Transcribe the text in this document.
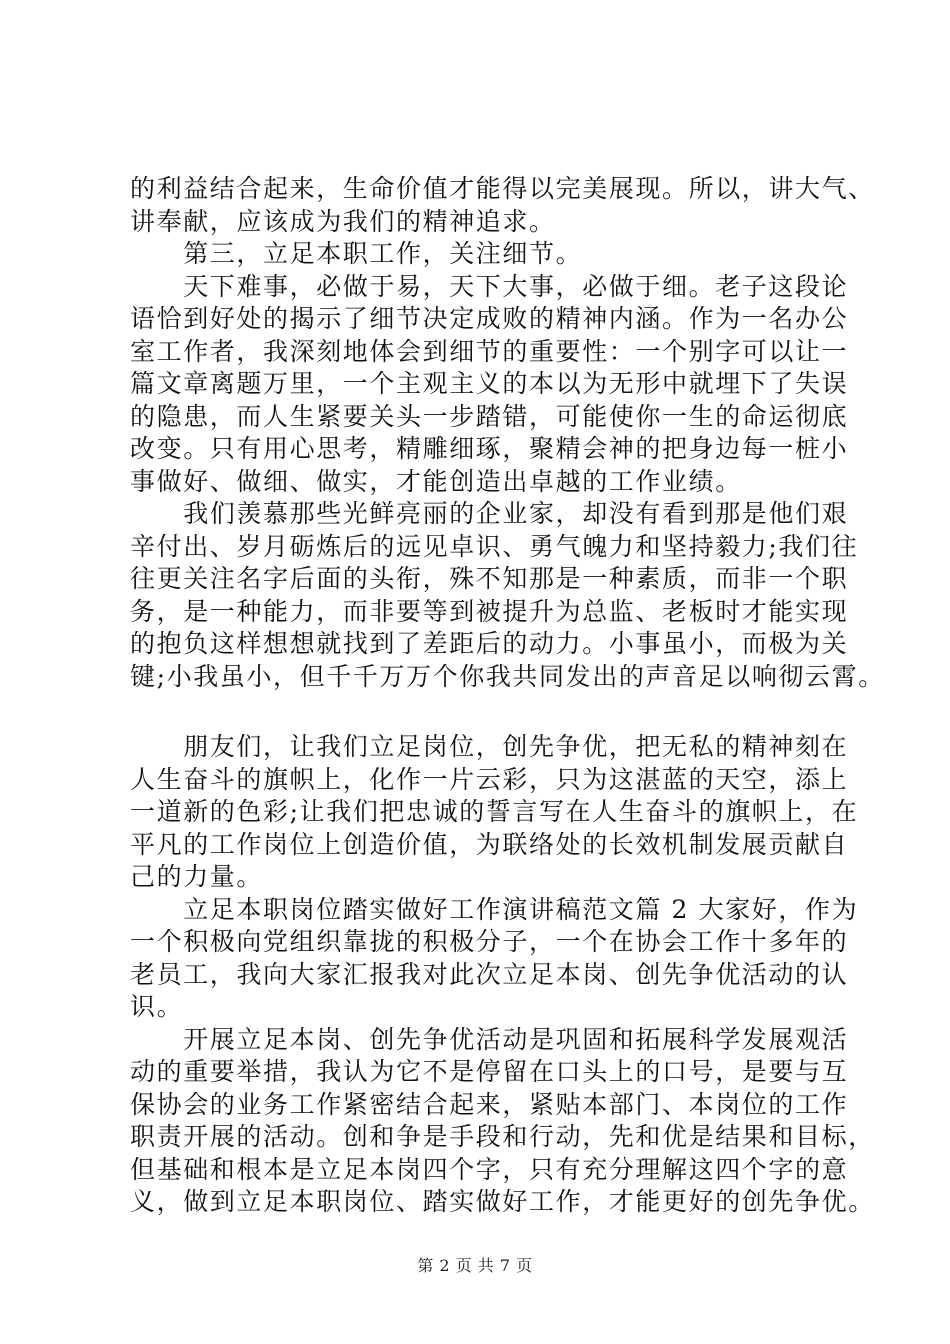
的利益结合起来，生命价值才能得以完美展现。所以，讲大气、
讲奉献，应该成为我们的精神追求。
　　第三，立足本职工作，关注细节。
　　天下难事，必做于易，天下大事，必做于细。老子这段论
语恰到好处的揭示了细节决定成败的精神内涵。作为一名办公
室工作者，我深刻地体会到细节的重要性：一个别字可以让一
篇文章离题万里，一个主观主义的本以为无形中就埋下了失误
的隐患，而人生紧要关头一步踏错，可能使你一生的命运彻底
改变。只有用心思考，精雕细琢，聚精会神的把身边每一桩小
事做好、做细、做实，才能创造出卓越的工作业绩。
　　我们羡慕那些光鲜亮丽的企业家，却没有看到那是他们艰
辛付出、岁月砺炼后的远见卓识、勇气魄力和坚持毅力;我们往
往更关注名字后面的头衔，殊不知那是一种素质，而非一个职
务，是一种能力，而非要等到被提升为总监、老板时才能实现
的抱负这样想想就找到了差距后的动力。小事虽小，而极为关
键;小我虽小，但千千万万个你我共同发出的声音足以响彻云霄。
　　朋友们，让我们立足岗位，创先争优，把无私的精神刻在
人生奋斗的旗帜上，化作一片云彩，只为这湛蓝的天空，添上
一道新的色彩;让我们把忠诚的誓言写在人生奋斗的旗帜上，在
平凡的工作岗位上创造价值，为联络处的长效机制发展贡献自
己的力量。
　　立足本职岗位踏实做好工作演讲稿范文篇 2 大家好，作为
一个积极向党组织靠拢的积极分子，一个在协会工作十多年的
老员工，我向大家汇报我对此次立足本岗、创先争优活动的认
识。
　　开展立足本岗、创先争优活动是巩固和拓展科学发展观活
动的重要举措，我认为它不是停留在口头上的口号，是要与互
保协会的业务工作紧密结合起来，紧贴本部门、本岗位的工作
职责开展的活动。创和争是手段和行动，先和优是结果和目标，
但基础和根本是立足本岗四个字，只有充分理解这四个字的意
义，做到立足本职岗位、踏实做好工作，才能更好的创先争优。
第 2 页 共 7 页
